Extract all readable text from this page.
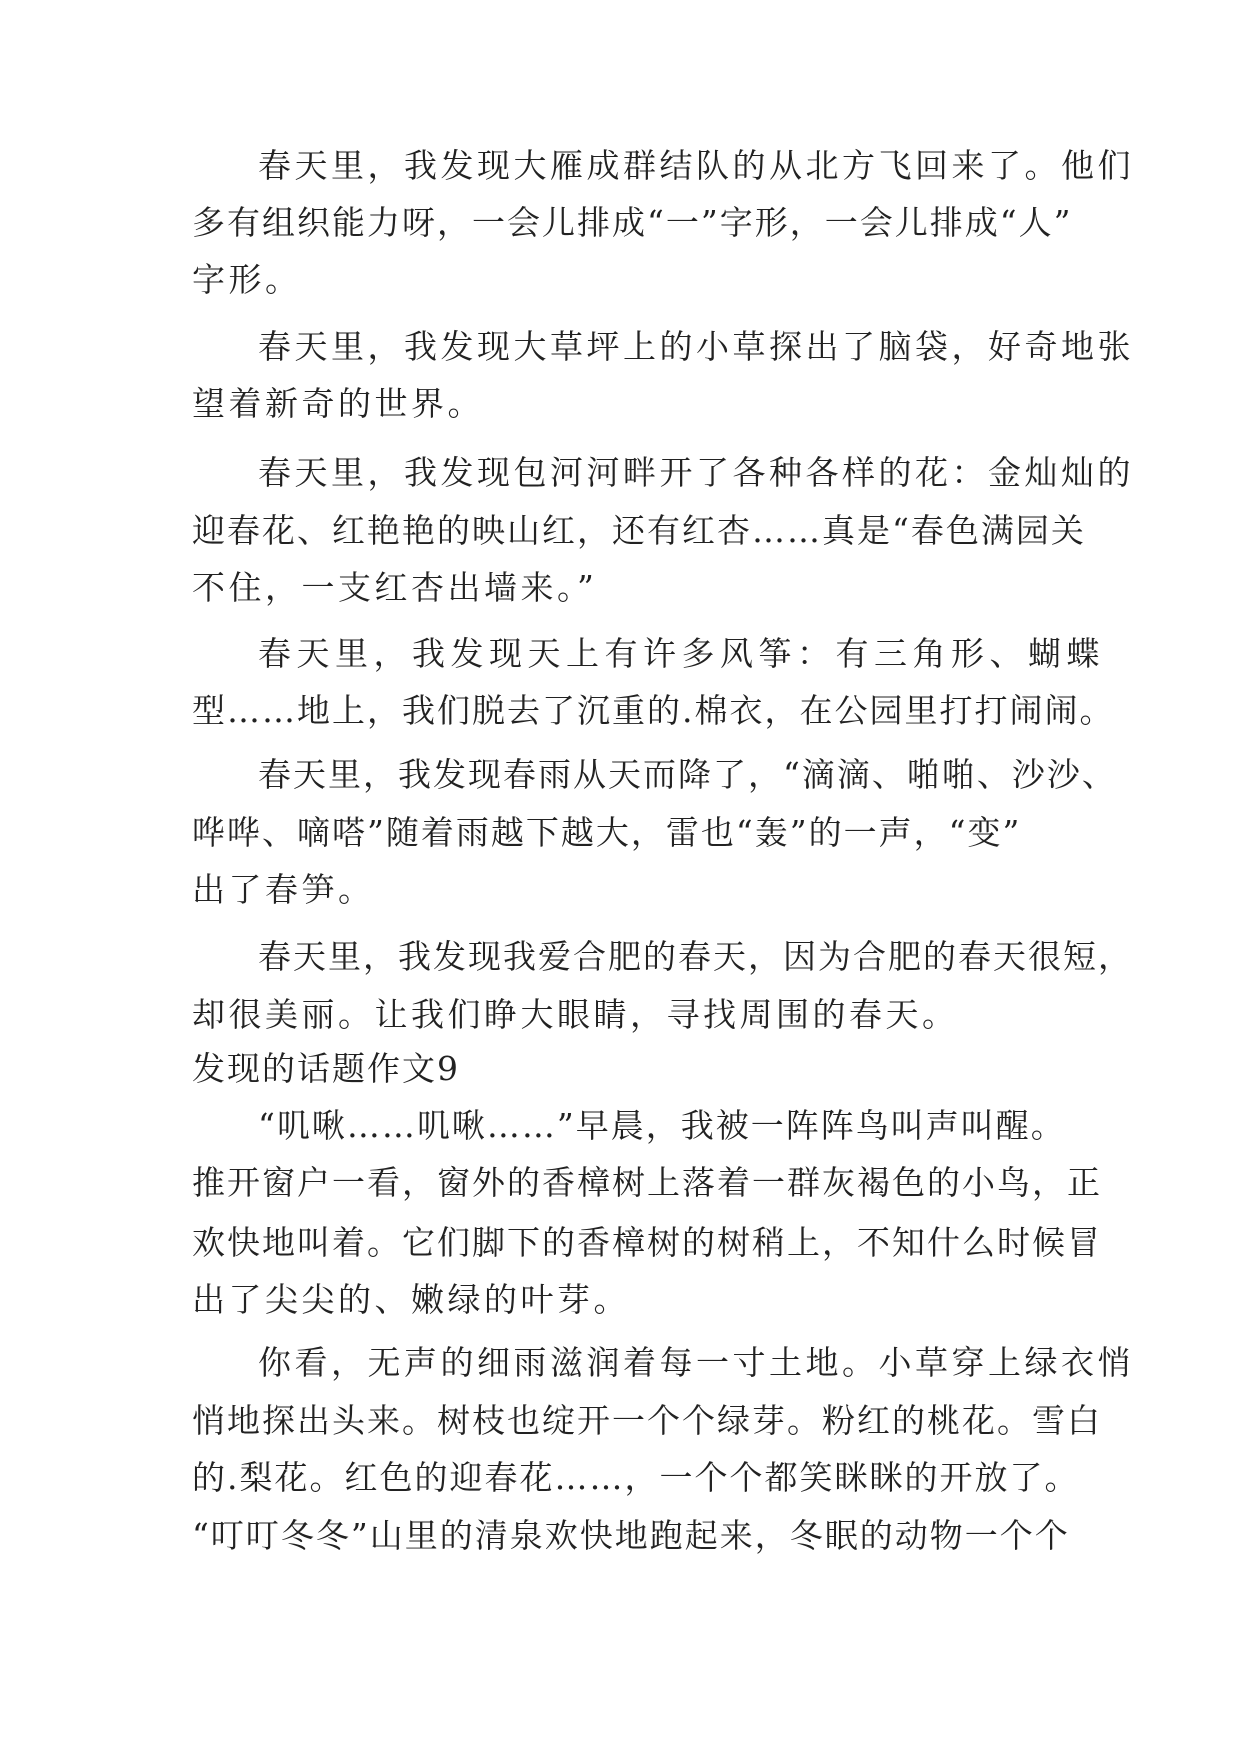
春天里，我发现大雁成群结队的从北方飞回来了。他们
多有组织能力呀，一会儿排成“一”字形，一会儿排成“人”
字形。
春天里，我发现大草坪上的小草探出了脑袋，好奇地张
望着新奇的世界。
春天里，我发现包河河畔开了各种各样的花：金灿灿的
迎春花、红艳艳的映山红，还有红杏……真是“春色满园关
不住，一支红杏出墙来。”
春天里，我发现天上有许多风筝：有三角形、蝴蝶
型……地上，我们脱去了沉重的.棉衣，在公园里打打闹闹。
春天里，我发现春雨从天而降了，“滴滴、啪啪、沙沙、
哗哗、嘀嗒”随着雨越下越大，雷也“轰”的一声，“变”
出了春笋。
春天里，我发现我爱合肥的春天，因为合肥的春天很短，
却很美丽。让我们睁大眼睛，寻找周围的春天。
发现的话题作文9
“叽啾……叽啾……”早晨，我被一阵阵鸟叫声叫醒。
推开窗户一看，窗外的香樟树上落着一群灰褐色的小鸟，正
欢快地叫着。它们脚下的香樟树的树稍上，不知什么时候冒
出了尖尖的、嫩绿的叶芽。
你看，无声的细雨滋润着每一寸土地。小草穿上绿衣悄
悄地探出头来。树枝也绽开一个个绿芽。粉红的桃花。雪白
的.梨花。红色的迎春花……，一个个都笑眯眯的开放了。
“叮叮冬冬”山里的清泉欢快地跑起来，冬眠的动物一个个
